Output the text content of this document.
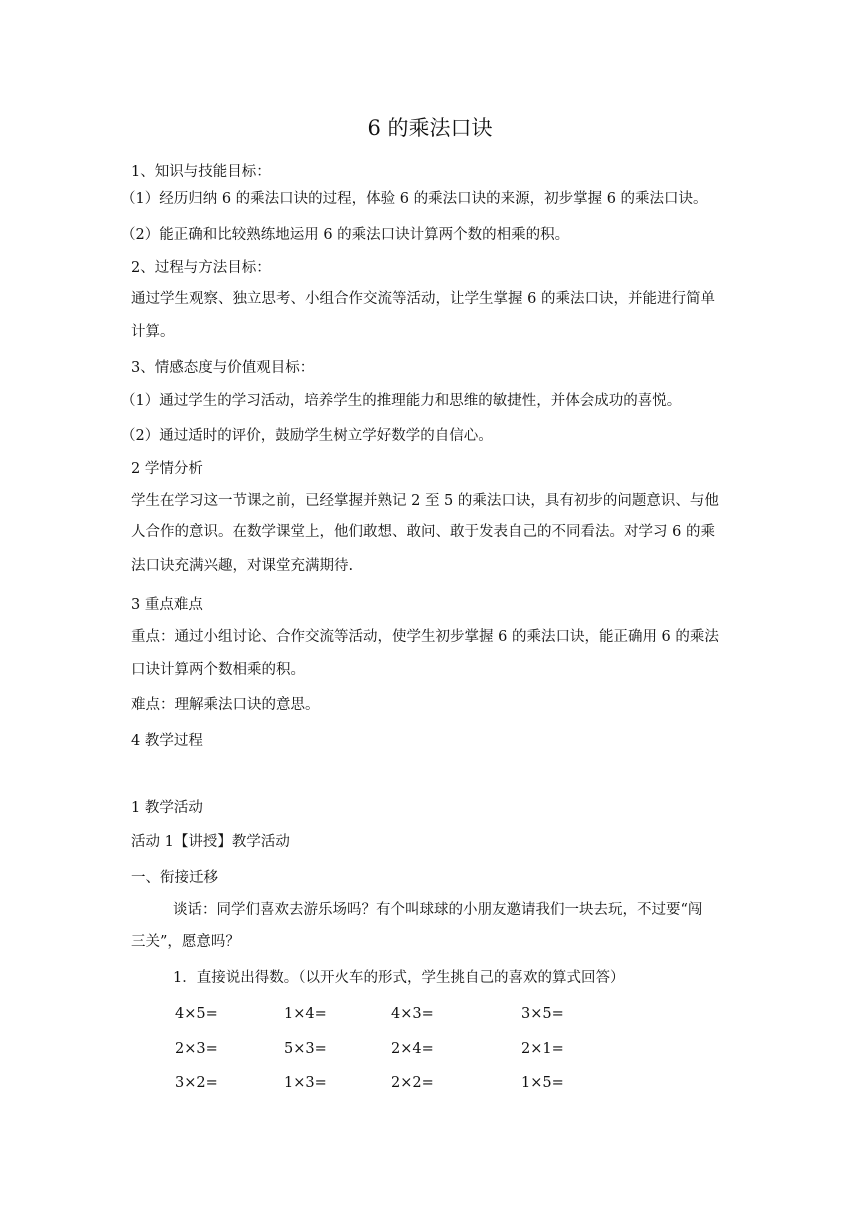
6 的乘法口诀
1、知识与技能目标：
（1）经历归纳 6 的乘法口诀的过程，体验 6 的乘法口诀的来源，初步掌握 6 的乘法口诀。
（2）能正确和比较熟练地运用 6 的乘法口诀计算两个数的相乘的积。
2、过程与方法目标：
通过学生观察、独立思考、小组合作交流等活动，让学生掌握 6 的乘法口诀，并能进行简单
计算。
3、情感态度与价值观目标：
（1）通过学生的学习活动，培养学生的推理能力和思维的敏捷性，并体会成功的喜悦。
（2）通过适时的评价，鼓励学生树立学好数学的自信心。
2 学情分析
学生在学习这一节课之前，已经掌握并熟记 2 至 5 的乘法口诀，具有初步的问题意识、与他
人合作的意识。在数学课堂上，他们敢想、敢问、敢于发表自己的不同看法。对学习 6 的乘
法口诀充满兴趣，对课堂充满期待.
3 重点难点
重点：通过小组讨论、合作交流等活动，使学生初步掌握 6 的乘法口诀，能正确用 6 的乘法
口诀计算两个数相乘的积。
难点：理解乘法口诀的意思。
4 教学过程
1 教学活动
活动 1【讲授】教学活动
一、衔接迁移
谈话：同学们喜欢去游乐场吗？有个叫球球的小朋友邀请我们一块去玩，不过要“闯
三关”，愿意吗？
1．直接说出得数。（以开火车的形式，学生挑自己的喜欢的算式回答）
4×5=	1×4=	4×3=	3×5=
2×3=	5×3=	2×4=	2×1=
3×2=	1×3=	2×2=	1×5=
